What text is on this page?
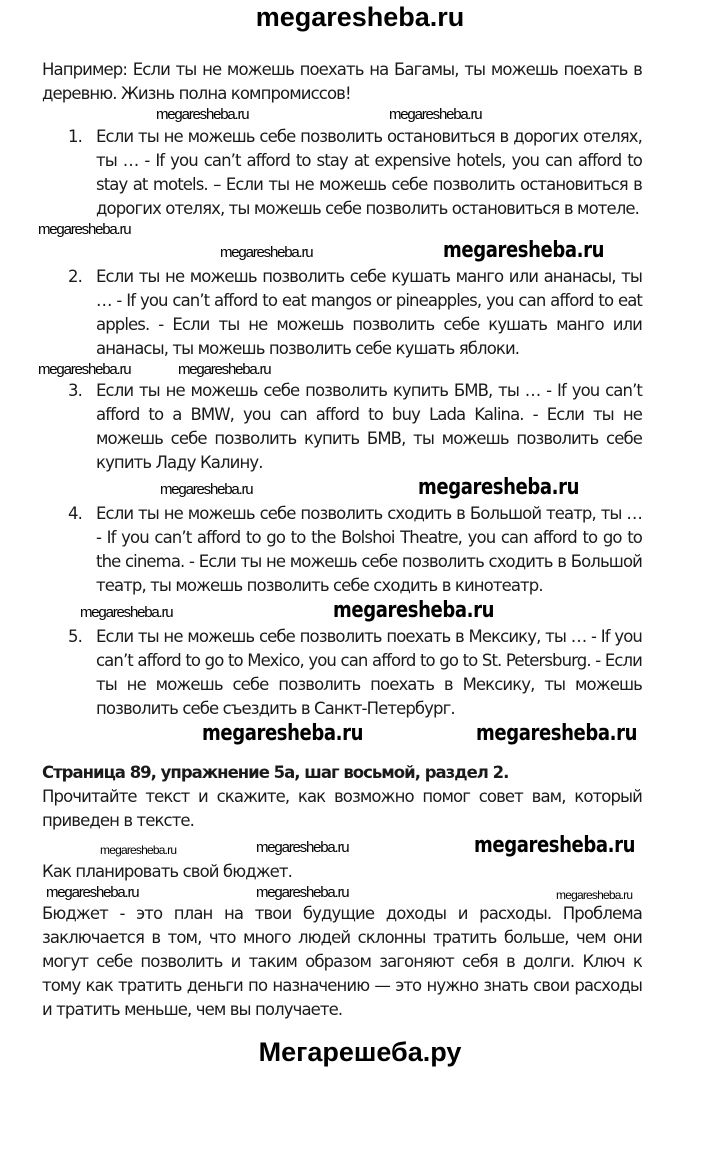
megaresheba.ru

Например: Если ты не можешь поехать на Багамы, ты можешь поехать в деревню. Жизнь полна компромиссов!

megaresheba.ru	megaresheba.ru
1. Если ты не можешь себе позволить остановиться в дорогих отелях, ты … - If you can’t afford to stay at expensive hotels, you can afford to stay at motels. – Если ты не можешь себе позволить остановиться в дорогих отелях, ты можешь себе позволить остановиться в мотеле.
megaresheba.ru
megaresheba.ru	megaresheba.ru
2. Если ты не можешь позволить себе кушать манго или ананасы, ты … - If you can’t afford to eat mangos or pineapples, you can afford to eat apples. - Если ты не можешь позволить себе кушать манго или ананасы, ты можешь позволить себе кушать яблоки.
megaresheba.ru	megaresheba.ru
3. Если ты не можешь себе позволить купить БМВ, ты … - If you can’t afford to a BMW, you can afford to buy Lada Kalina. - Если ты не можешь себе позволить купить БМВ, ты можешь позволить себе купить Ладу Калину.
megaresheba.ru	megaresheba.ru
4. Если ты не можешь себе позволить сходить в Большой театр, ты … - If you can’t afford to go to the Bolshoi Theatre, you can afford to go to the cinema. - Если ты не можешь себе позволить сходить в Большой театр, ты можешь позволить себе сходить в кинотеатр.
megaresheba.ru	megaresheba.ru
5. Если ты не можешь себе позволить поехать в Мексику, ты … - If you can’t afford to go to Mexico, you can afford to go to St. Petersburg. - Если ты не можешь себе позволить поехать в Мексику, ты можешь позволить себе съездить в Санкт-Петербург.
megaresheba.ru	megaresheba.ru

Страница 89, упражнение 5а, шаг восьмой, раздел 2.

Прочитайте текст и скажите, как возможно помог совет вам, который приведен в тексте.

megaresheba.ru	megaresheba.ru	megaresheba.ru

Как планировать свой бюджет.

megaresheba.ru	megaresheba.ru	megaresheba.ru

Бюджет - это план на твои будущие доходы и расходы. Проблема заключается в том, что много людей склонны тратить больше, чем они могут себе позволить и таким образом загоняют себя в долги. Ключ к тому как тратить деньги по назначению — это нужно знать свои расходы и тратить меньше, чем вы получаете.

Мегарешеба.ру
